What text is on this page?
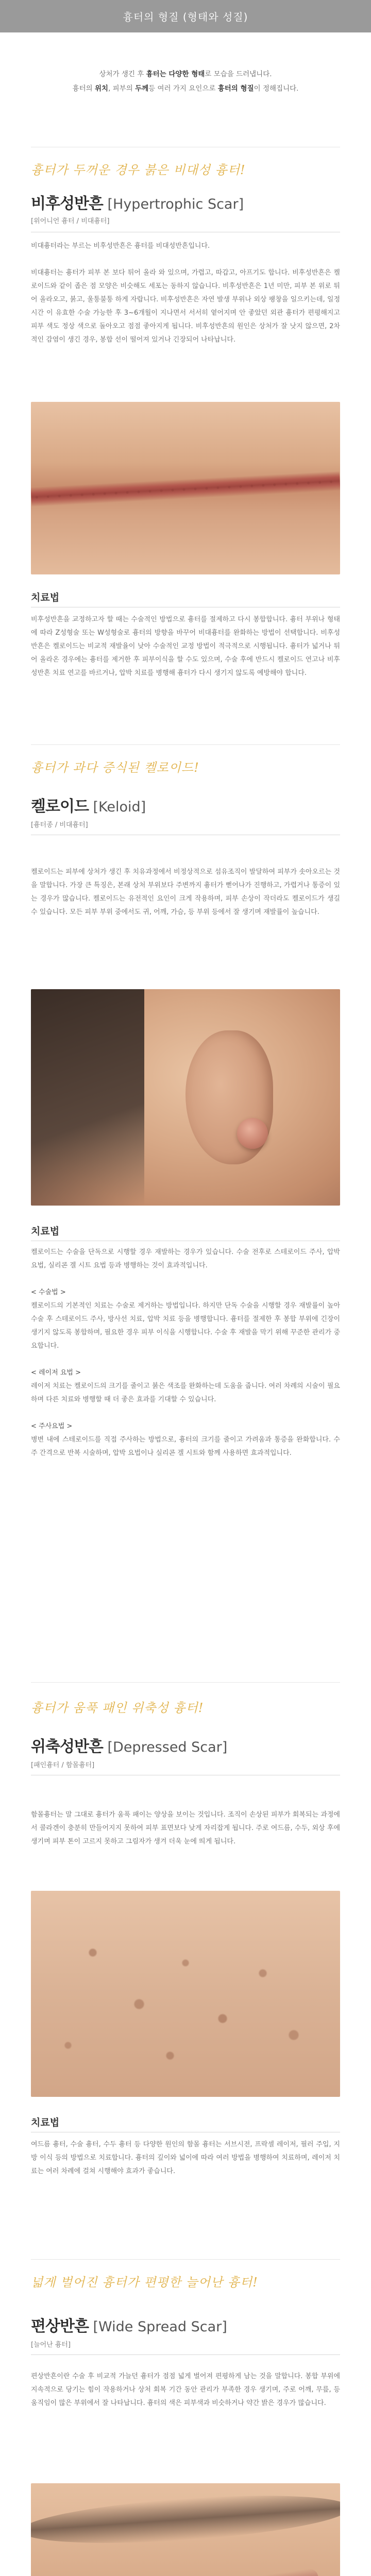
흉터의 형질 (형태와 성질)
상처가 생긴 후 흉터는 다양한 형태로 모습을 드러냅니다.
흉터의 위치, 피부의 두께등 여러 가지 요인으로 흉터의 형질이 정해집니다.
흉터가 두꺼운 경우 붉은 비대성 흉터!
비후성반흔 [Hypertrophic Scar]
[위어니언 흉터 / 비대흉터]

비대흉터라는 부르는 비후성반흔은 흉터를 비대성반흔입니다.

비대흉터는 흉터가 피부 본 보다 튀어 올라 와 있으며, 가렵고, 따갑고, 아프기도 합니다. 비후성반흔은 켈로이드와 같이 좁은 점 모양은 비슷해도 세포는 동하지 않습니다. 비후성반흔은 1년 미만, 피부 본 위로 튀어 올라오고, 붉고, 울퉁불퉁 하게 자랍니다. 비후성반흔은 자연 발생 부위나 외상 팽창을 일으키는데, 일정 시간 이 유효한 수술 가능한 후 3~6개월이 지나면서 서서히 옅어지며 안 좋았던 외관 흉터가 편평해지고 피부 색도 정상 색으로 돌아오고 점점 좋아지게 됩니다. 비후성반흔의 원인은 상처가 잘 낫지 않으면, 2차적인 감염이 생긴 경우, 봉합 선이 떨어져 있거나 긴장되어 나타납니다.

치료법

비후성반흔을 교정하고자 할 때는 수술적인 방법으로 흉터를 절제하고 다시 봉합합니다. 흉터 부위나 형태에 따라 Z성형술 또는 W성형술로 흉터의 방향을 바꾸어 비대흉터를 완화하는 방법이 선택합니다. 비후성반흔은 켈로이드는 비교적 재발율이 낮아 수술적인 교정 방법이 적극적으로 시행됩니다. 흉터가 넓거나 튀어 올라온 경우에는 흉터를 제거한 후 피부이식을 할 수도 있으며, 수술 후에 반드시 켈로이드 연고나 비후성반흔 치료 연고를 바르거나, 압박 치료를 병행해 흉터가 다시 생기지 않도록 예방해야 합니다.

흉터가 과다 증식된 켈로이드!
켈로이드 [Keloid]
[흉터종 / 비대흉터]

켈로이드는 피부에 상처가 생긴 후 치유과정에서 비정상적으로 섬유조직이 발달하여 피부가 솟아오르는 것을 말합니다. 가장 큰 특징은, 본래 상처 부위보다 주변까지 흉터가 뻗어나가 진행하고, 가렵거나 통증이 있는 경우가 많습니다. 켈로이드는 유전적인 요인이 크게 작용하며, 피부 손상이 작더라도 켈로이드가 생길 수 있습니다. 모든 피부 부위 중에서도 귀, 어깨, 가슴, 등 부위 등에서 잘 생기며 재발률이 높습니다.

치료법

켈로이드는 수술을 단독으로 시행할 경우 재발하는 경우가 있습니다. 수술 전후로 스테로이드 주사, 압박 요법, 실리콘 겔 시트 요법 등과 병행하는 것이 효과적입니다.

< 수술법 >

켈로이드의 기본적인 치료는 수술로 제거하는 방법입니다. 하지만 단독 수술을 시행할 경우 재발률이 높아 수술 후 스테로이드 주사, 방사선 치료, 압박 치료 등을 병행합니다. 흉터를 절제한 후 봉합 부위에 긴장이 생기지 않도록 봉합하며, 필요한 경우 피부 이식을 시행합니다. 수술 후 재발을 막기 위해 꾸준한 관리가 중요합니다.

< 레이저 요법 >

레이저 치료는 켈로이드의 크기를 줄이고 붉은 색조를 완화하는데 도움을 줍니다. 여러 차례의 시술이 필요하며 다른 치료와 병행할 때 더 좋은 효과를 기대할 수 있습니다.

< 주사요법 >

병변 내에 스테로이드를 직접 주사하는 방법으로, 흉터의 크기를 줄이고 가려움과 통증을 완화합니다. 수 주 간격으로 반복 시술하며, 압박 요법이나 실리콘 겔 시트와 함께 사용하면 효과적입니다.

흉터가 움푹 패인 위축성 흉터!
위축성반흔 [Depressed Scar]
[패인흉터 / 함몰흉터]

함몰흉터는 말 그대로 흉터가 움푹 패이는 양상을 보이는 것입니다. 조직이 손상된 피부가 회복되는 과정에서 콜라겐이 충분히 만들어지지 못하여 피부 표면보다 낮게 자리잡게 됩니다. 주로 여드름, 수두, 외상 후에 생기며 피부 톤이 고르지 못하고 그림자가 생겨 더욱 눈에 띄게 됩니다.

치료법

여드름 흉터, 수술 흉터, 수두 흉터 등 다양한 원인의 함몰 흉터는 서브시전, 프락셀 레이저, 필러 주입, 지방 이식 등의 방법으로 치료합니다. 흉터의 깊이와 넓이에 따라 여러 방법을 병행하여 치료하며, 레이저 치료는 여러 차례에 걸쳐 시행해야 효과가 좋습니다.

넓게 벌어진 흉터가 편평한 늘어난 흉터!
편상반흔 [Wide Spread Scar]
[늘어난 흉터]

편상반흔이란 수술 후 비교적 가늘던 흉터가 점점 넓게 벌어져 편평하게 남는 것을 말합니다. 봉합 부위에 지속적으로 당기는 힘이 작용하거나 상처 회복 기간 동안 관리가 부족한 경우 생기며, 주로 어깨, 무릎, 등 움직임이 많은 부위에서 잘 나타납니다. 흉터의 색은 피부색과 비슷하거나 약간 밝은 경우가 많습니다.
